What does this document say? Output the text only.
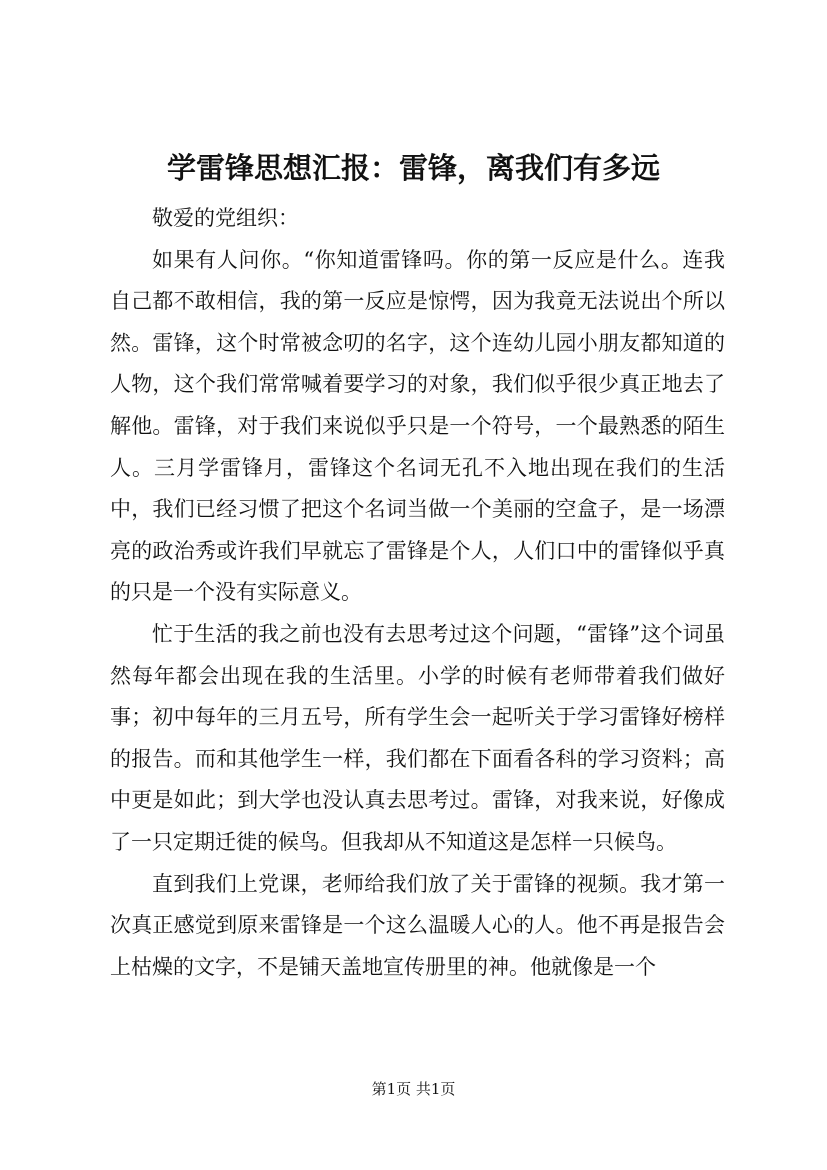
学雷锋思想汇报：雷锋，离我们有多远

敬爱的党组织：

如果有人问你。“你知道雷锋吗。你的第一反应是什么。连我自己都不敢相信，我的第一反应是惊愕，因为我竟无法说出个所以然。雷锋，这个时常被念叨的名字，这个连幼儿园小朋友都知道的人物，这个我们常常喊着要学习的对象，我们似乎很少真正地去了解他。雷锋，对于我们来说似乎只是一个符号，一个最熟悉的陌生人。三月学雷锋月，雷锋这个名词无孔不入地出现在我们的生活中，我们已经习惯了把这个名词当做一个美丽的空盒子，是一场漂亮的政治秀或许我们早就忘了雷锋是个人，人们口中的雷锋似乎真的只是一个没有实际意义。

忙于生活的我之前也没有去思考过这个问题，“雷锋”这个词虽然每年都会出现在我的生活里。小学的时候有老师带着我们做好事；初中每年的三月五号，所有学生会一起听关于学习雷锋好榜样的报告。而和其他学生一样，我们都在下面看各科的学习资料；高中更是如此；到大学也没认真去思考过。雷锋，对我来说，好像成了一只定期迁徙的候鸟。但我却从不知道这是怎样一只候鸟。

直到我们上党课，老师给我们放了关于雷锋的视频。我才第一次真正感觉到原来雷锋是一个这么温暖人心的人。他不再是报告会上枯燥的文字，不是铺天盖地宣传册里的神。他就像是一个

第1页 共1页
